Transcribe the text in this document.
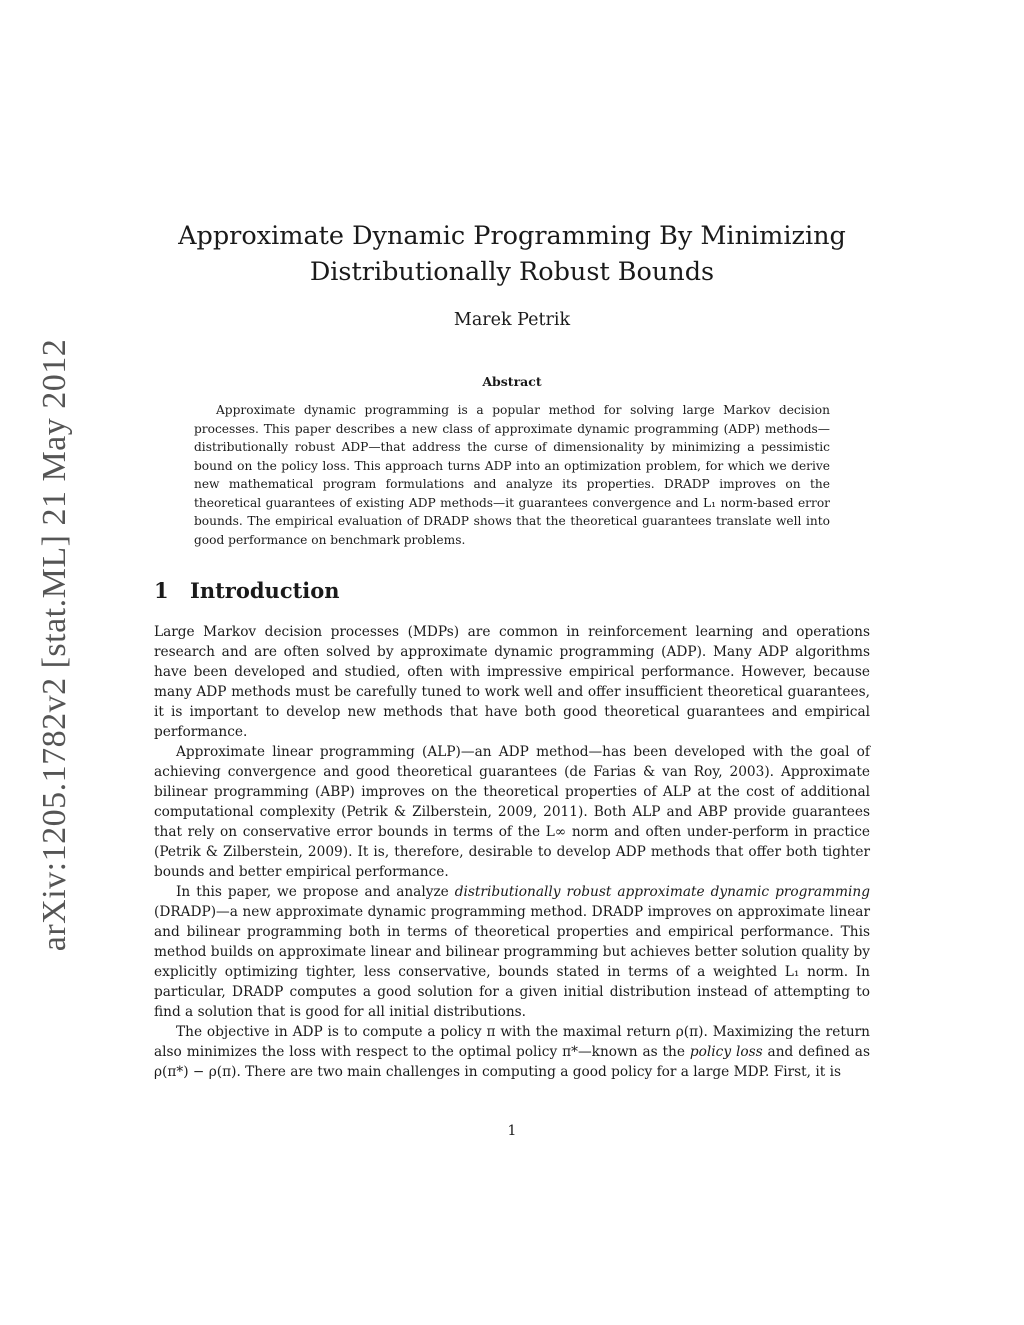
arXiv:1205.1782v2 [stat.ML] 21 May 2012
Approximate Dynamic Programming By Minimizing Distributionally Robust Bounds

Marek Petrik

Abstract

Approximate dynamic programming is a popular method for solving large Markov decision processes. This paper describes a new class of approximate dynamic programming (ADP) methods—distributionally robust ADP—that address the curse of dimensionality by minimizing a pessimistic bound on the policy loss. This approach turns ADP into an optimization problem, for which we derive new mathematical program formulations and analyze its properties. DRADP improves on the theoretical guarantees of existing ADP methods—it guarantees convergence and L₁ norm-based error bounds. The empirical evaluation of DRADP shows that the theoretical guarantees translate well into good performance on benchmark problems.

1 Introduction

Large Markov decision processes (MDPs) are common in reinforcement learning and operations research and are often solved by approximate dynamic programming (ADP). Many ADP algorithms have been developed and studied, often with impressive empirical performance. However, because many ADP methods must be carefully tuned to work well and offer insufficient theoretical guarantees, it is important to develop new methods that have both good theoretical guarantees and empirical performance.

Approximate linear programming (ALP)—an ADP method—has been developed with the goal of achieving convergence and good theoretical guarantees (de Farias & van Roy, 2003). Approximate bilinear programming (ABP) improves on the theoretical properties of ALP at the cost of additional computational complexity (Petrik & Zilberstein, 2009, 2011). Both ALP and ABP provide guarantees that rely on conservative error bounds in terms of the L∞ norm and often under-perform in practice (Petrik & Zilberstein, 2009). It is, therefore, desirable to develop ADP methods that offer both tighter bounds and better empirical performance.

In this paper, we propose and analyze distributionally robust approximate dynamic programming (DRADP)—a new approximate dynamic programming method. DRADP improves on approximate linear and bilinear programming both in terms of theoretical properties and empirical performance. This method builds on approximate linear and bilinear programming but achieves better solution quality by explicitly optimizing tighter, less conservative, bounds stated in terms of a weighted L₁ norm. In particular, DRADP computes a good solution for a given initial distribution instead of attempting to find a solution that is good for all initial distributions.

The objective in ADP is to compute a policy π with the maximal return ρ(π). Maximizing the return also minimizes the loss with respect to the optimal policy π*—known as the policy loss and defined as ρ(π*) − ρ(π). There are two main challenges in computing a good policy for a large MDP. First, it is

1
